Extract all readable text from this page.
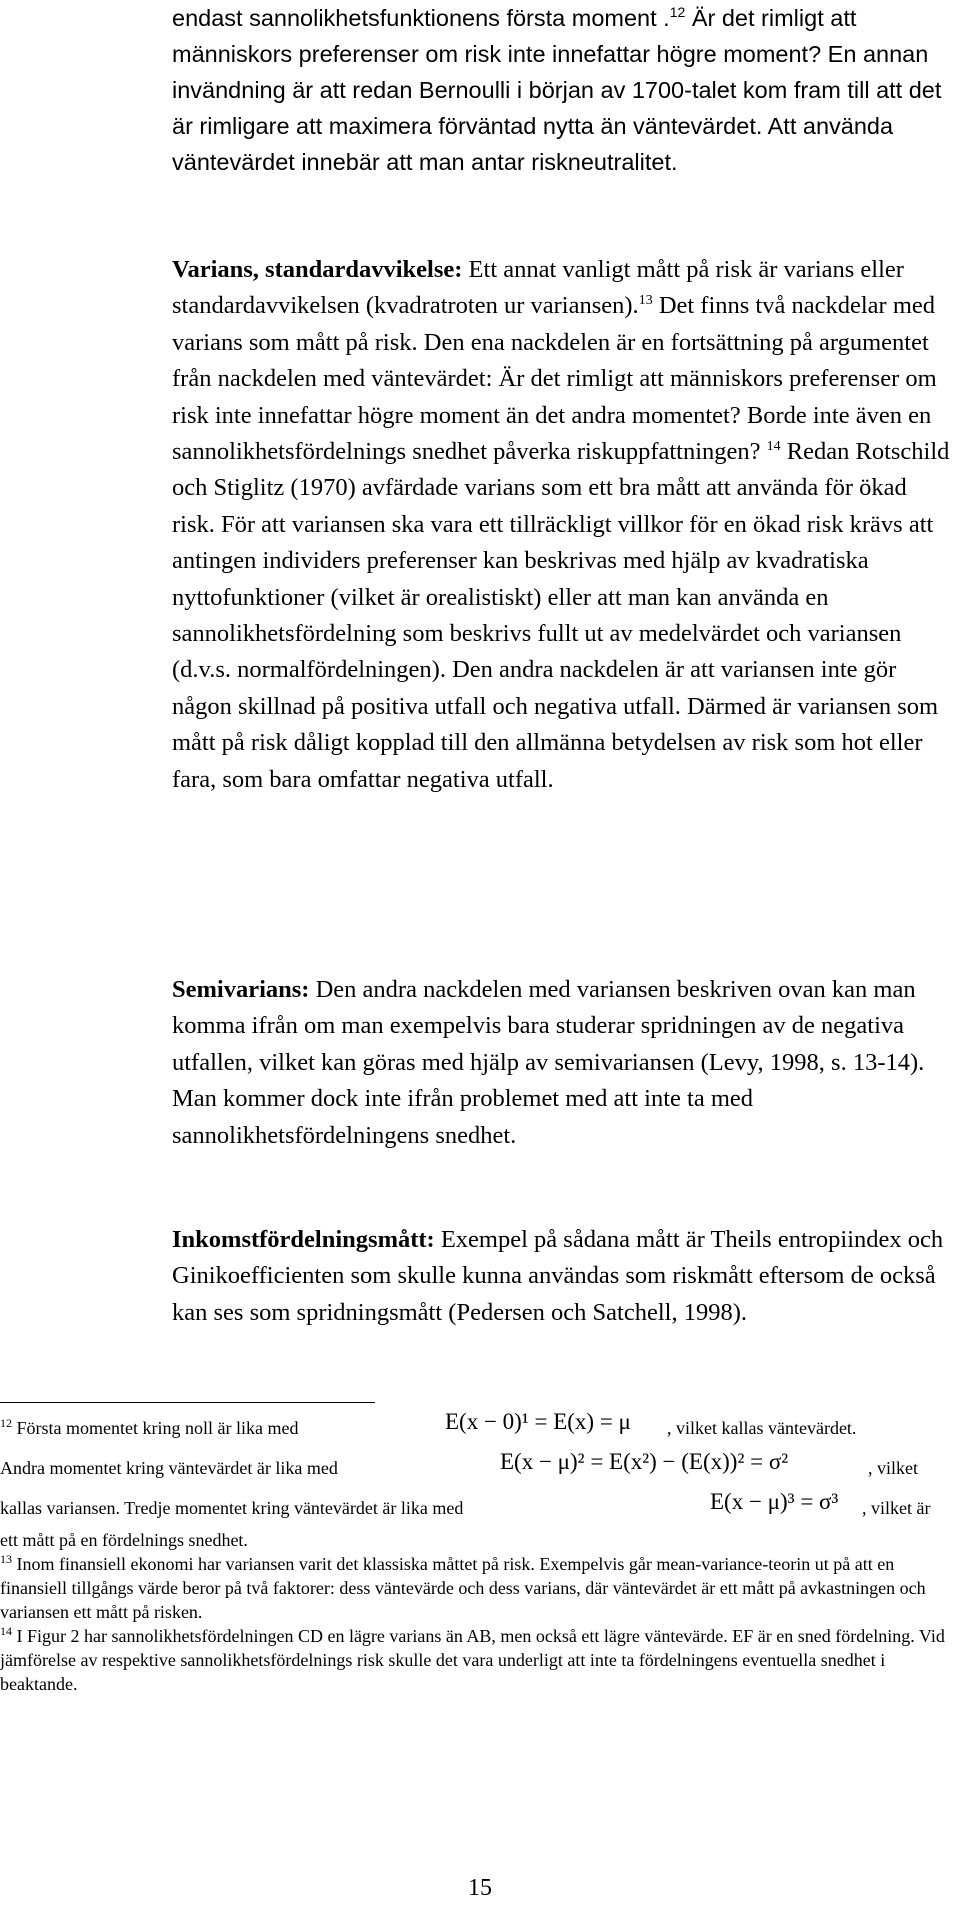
endast sannolikhetsfunktionens första moment .$^{12}$ Är det rimligt att människors preferenser om risk inte innefattar högre moment? En annan invändning är att redan Bernoulli i början av 1700-talet kom fram till att det är rimligare att maximera förväntad nytta än väntevärdet. Att använda väntevärdet innebär att man antar riskneutralitet.

Varians, standardavvikelse: Ett annat vanligt mått på risk är varians eller standardavvikelsen (kvadratroten ur variansen).$^{13}$ Det finns två nackdelar med varians som mått på risk. Den ena nackdelen är en fortsättning på argumentet från nackdelen med väntevärdet: Är det rimligt att människors preferenser om risk inte innefattar högre moment än det andra momentet? Borde inte även en sannolikhetsfördelnings snedhet påverka riskuppfattningen? $^{14}$ Redan Rotschild och Stiglitz (1970) avfärdade varians som ett bra mått att använda för ökad risk. För att variansen ska vara ett tillräckligt villkor för en ökad risk krävs att antingen individers preferenser kan beskrivas med hjälp av kvadratiska nyttofunktioner (vilket är orealistiskt) eller att man kan använda en sannolikhetsfördelning som beskrivs fullt ut av medelvärdet och variansen (d.v.s. normalfördelningen). Den andra nackdelen är att variansen inte gör någon skillnad på positiva utfall och negativa utfall. Därmed är variansen som mått på risk dåligt kopplad till den allmänna betydelsen av risk som hot eller fara, som bara omfattar negativa utfall.

Semivarians: Den andra nackdelen med variansen beskriven ovan kan man komma ifrån om man exempelvis bara studerar spridningen av de negativa utfallen, vilket kan göras med hjälp av semivariansen (Levy, 1998, s. 13-14). Man kommer dock inte ifrån problemet med att inte ta med sannolikhetsfördelningens snedhet.

Inkomstfördelningsmått: Exempel på sådana mått är Theils entropiindex och Ginikoefficienten som skulle kunna användas som riskmått eftersom de också kan ses som spridningsmått (Pedersen och Satchell, 1998).

$^{12}$ Första momentet kring noll är lika med	E(x − 0)¹ = E(x) = μ , vilket kallas väntevärdet.
Andra momentet kring väntevärdet är lika med	E(x − μ)² = E(x²) − (E(x))² = σ²	, vilket
kallas variansen. Tredje momentet kring väntevärdet är lika med	E(x − μ)³ = σ³ , vilket är

ett mått på en fördelnings snedhet.

$^{13}$ Inom finansiell ekonomi har variansen varit det klassiska måttet på risk. Exempelvis går mean-variance-teorin ut på att en finansiell tillgångs värde beror på två faktorer: dess väntevärde och dess varians, där väntevärdet är ett mått på avkastningen och variansen ett mått på risken.

$^{14}$ I Figur 2 har sannolikhetsfördelningen CD en lägre varians än AB, men också ett lägre väntevärde. EF är en sned fördelning. Vid jämförelse av respektive sannolikhetsfördelnings risk skulle det vara underligt att inte ta fördelningens eventuella snedhet i beaktande.

15
